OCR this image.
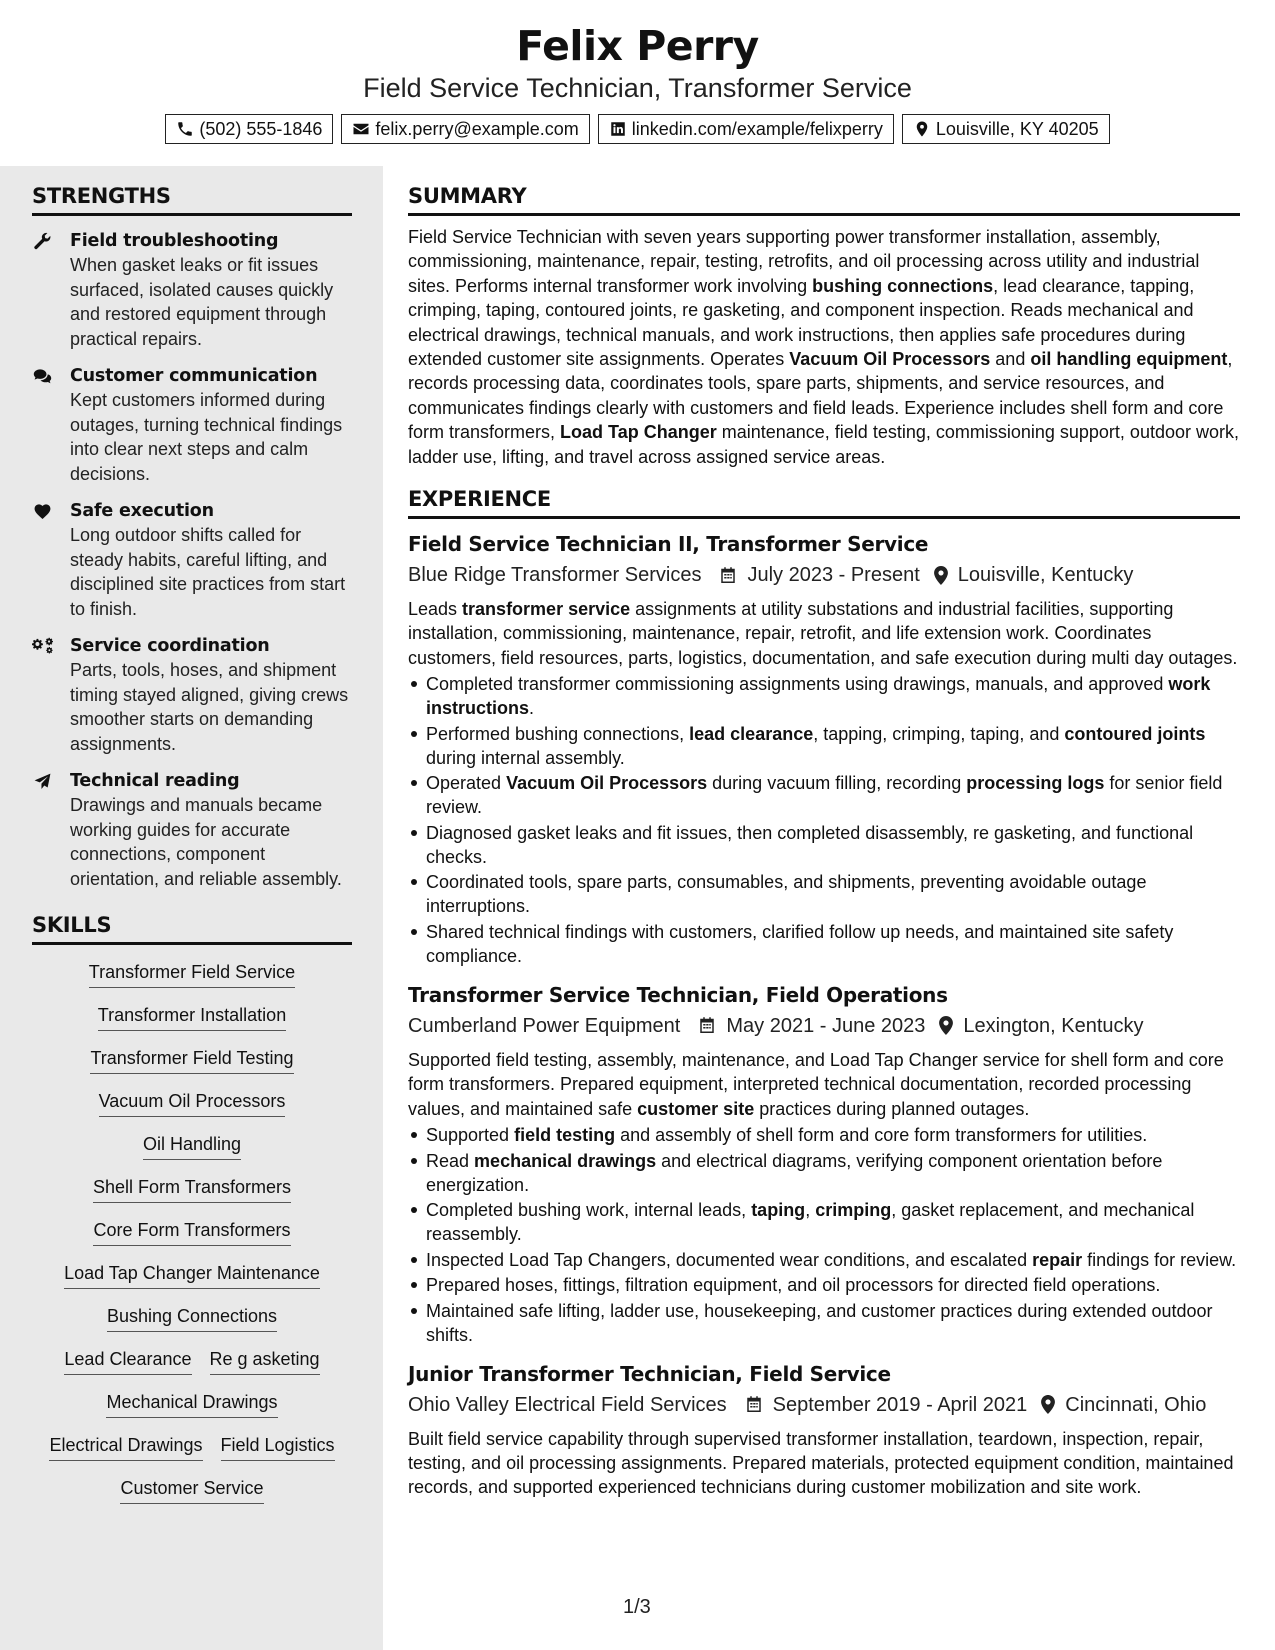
Felix Perry
Field Service Technician, Transformer Service
(502) 555-1846	felix.perry@example.com	linkedin.com/example/felixperry	Louisville, KY 40205
STRENGTHS
Field troubleshooting
When gasket leaks or fit issues surfaced, isolated causes quickly and restored equipment through practical repairs.
Customer communication
Kept customers informed during outages, turning technical findings into clear next steps and calm decisions.
Safe execution
Long outdoor shifts called for steady habits, careful lifting, and disciplined site practices from start to finish.
Service coordination
Parts, tools, hoses, and shipment timing stayed aligned, giving crews smoother starts on demanding assignments.
Technical reading
Drawings and manuals became working guides for accurate connections, component orientation, and reliable assembly.
SKILLS
Transformer Field Service
Transformer Installation
Transformer Field Testing
Vacuum Oil Processors
Oil Handling
Shell Form Transformers
Core Form Transformers
Load Tap Changer Maintenance
Bushing Connections
Lead Clearance Re g asketing
Mechanical Drawings
Electrical Drawings Field Logistics
Customer Service
SUMMARY
Field Service Technician with seven years supporting power transformer installation, assembly, commissioning, maintenance, repair, testing, retrofits, and oil processing across utility and industrial sites. Performs internal transformer work involving bushing connections, lead clearance, tapping, crimping, taping, contoured joints, re gasketing, and component inspection. Reads mechanical and electrical drawings, technical manuals, and work instructions, then applies safe procedures during extended customer site assignments. Operates Vacuum Oil Processors and oil handling equipment, records processing data, coordinates tools, spare parts, shipments, and service resources, and communicates findings clearly with customers and field leads. Experience includes shell form and core form transformers, Load Tap Changer maintenance, field testing, commissioning support, outdoor work, ladder use, lifting, and travel across assigned service areas.
EXPERIENCE
Field Service Technician II, Transformer Service
Blue Ridge Transformer Services July 2023 - Present Louisville, Kentucky
Leads transformer service assignments at utility substations and industrial facilities, supporting installation, commissioning, maintenance, repair, retrofit, and life extension work. Coordinates customers, field resources, parts, logistics, documentation, and safe execution during multi day outages.
Completed transformer commissioning assignments using drawings, manuals, and approved work instructions.
Performed bushing connections, lead clearance, tapping, crimping, taping, and contoured joints during internal assembly.
Operated Vacuum Oil Processors during vacuum filling, recording processing logs for senior field review.
Diagnosed gasket leaks and fit issues, then completed disassembly, re gasketing, and functional checks.
Coordinated tools, spare parts, consumables, and shipments, preventing avoidable outage interruptions.
Shared technical findings with customers, clarified follow up needs, and maintained site safety compliance.
Transformer Service Technician, Field Operations
Cumberland Power Equipment May 2021 - June 2023 Lexington, Kentucky
Supported field testing, assembly, maintenance, and Load Tap Changer service for shell form and core form transformers. Prepared equipment, interpreted technical documentation, recorded processing values, and maintained safe customer site practices during planned outages.
Supported field testing and assembly of shell form and core form transformers for utilities.
Read mechanical drawings and electrical diagrams, verifying component orientation before energization.
Completed bushing work, internal leads, taping, crimping, gasket replacement, and mechanical reassembly.
Inspected Load Tap Changers, documented wear conditions, and escalated repair findings for review.
Prepared hoses, fittings, filtration equipment, and oil processors for directed field operations.
Maintained safe lifting, ladder use, housekeeping, and customer practices during extended outdoor shifts.
Junior Transformer Technician, Field Service
Ohio Valley Electrical Field Services September 2019 - April 2021 Cincinnati, Ohio
Built field service capability through supervised transformer installation, teardown, inspection, repair, testing, and oil processing assignments. Prepared materials, protected equipment condition, maintained records, and supported experienced technicians during customer mobilization and site work.
1/3
